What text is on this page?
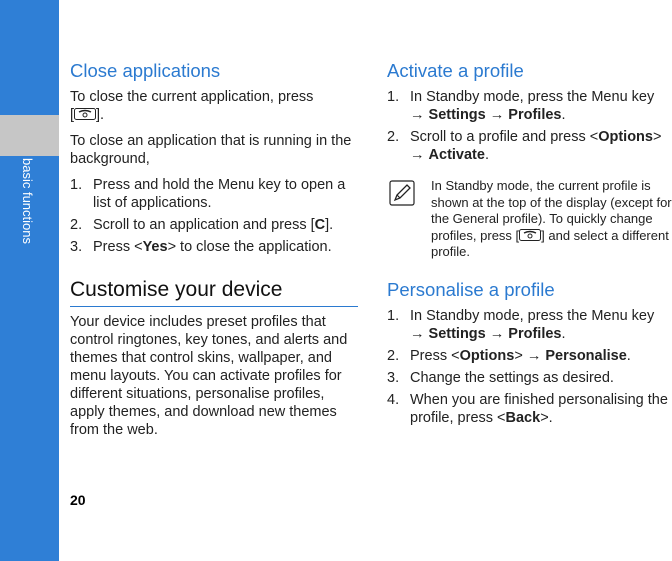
basic functions
20
Close applications

To close the current application, press
[ ].

To close an application that is running in the background,

1. Press and hold the Menu key to open a list of applications.
2. Scroll to an application and press [C].
3. Press <Yes> to close the application.
Customise your device

Your device includes preset profiles that control ringtones, key tones, and alerts and themes that control skins, wallpaper, and menu layouts. You can activate profiles for different situations, personalise profiles, apply themes, and download new themes from the web.

Activate a profile
1. In Standby mode, press the Menu key
→ Settings → Profiles.
2. Scroll to a profile and press <Options>
→ Activate.
In Standby mode, the current profile is shown at the top of the display (except for the General profile). To quickly change profiles, press [ ] and select a different profile.
Personalise a profile
1. In Standby mode, press the Menu key
→ Settings → Profiles.
2. Press <Options> → Personalise.
3. Change the settings as desired.
4. When you are finished personalising the profile, press <Back>.
